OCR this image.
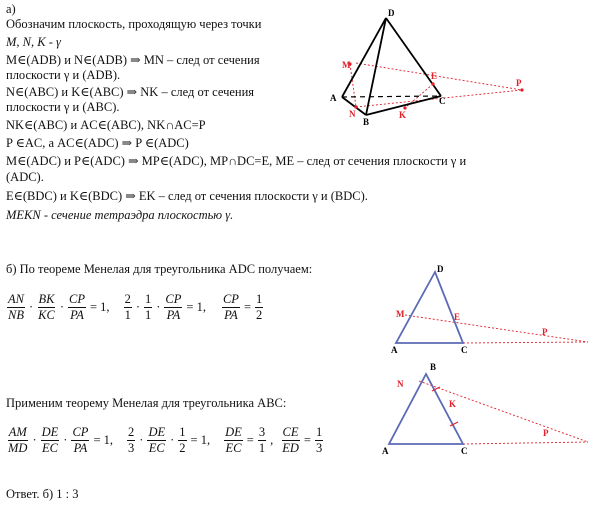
а)
Обозначим плоскость, проходящую через точки
M, N, K - γ
M∈(ADB) и N∈(ADB) ⇒ MN – след от сечения
плоскости γ и (ADB).
N∈(ABC) и K∈(ABC) ⇒ NK – след от сечения
плоскости γ и (ABC).
NK∈(ABC) и AC∈(ABC), NK∩AC=P
P ∈AC, а AC∈(ADC) ⇒ P ∈(ADC)
M∈(ADC) и P∈(ADC) ⇒ MP∈(ADC), MP∩DC=E, ME – след от сечения плоскости γ и
(ADC).
E∈(BDC) и K∈(BDC) ⇒ EK – след от сечения плоскости γ и (BDC).
MEKN - сечение тетраэдра плоскостью γ.
D
M
E
P
A
N
C
K
B
б) По теореме Менелая для треугольника ADC получаем:
$\frac{AN}{NB} \cdot \frac{BK}{KC} \cdot \frac{CP}{PA} = 1$, $\frac{2}{1} \cdot \frac{1}{1} \cdot \frac{CP}{PA} = 1$, $\frac{CP}{PA} = \frac{1}{2}$
Применим теорему Менелая для треугольника ABC:
$\frac{AM}{MD} \cdot \frac{DE}{EC} \cdot \frac{CP}{PA} = 1$, $\frac{2}{3} \cdot \frac{DE}{EC} \cdot \frac{1}{2} = 1$, $\frac{DE}{EC} = \frac{3}{1}$ , $\frac{CE}{ED} = \frac{1}{3}$
Ответ. б) 1 : 3
D
M	E
P
A	C
B
N
K
P
A	C
